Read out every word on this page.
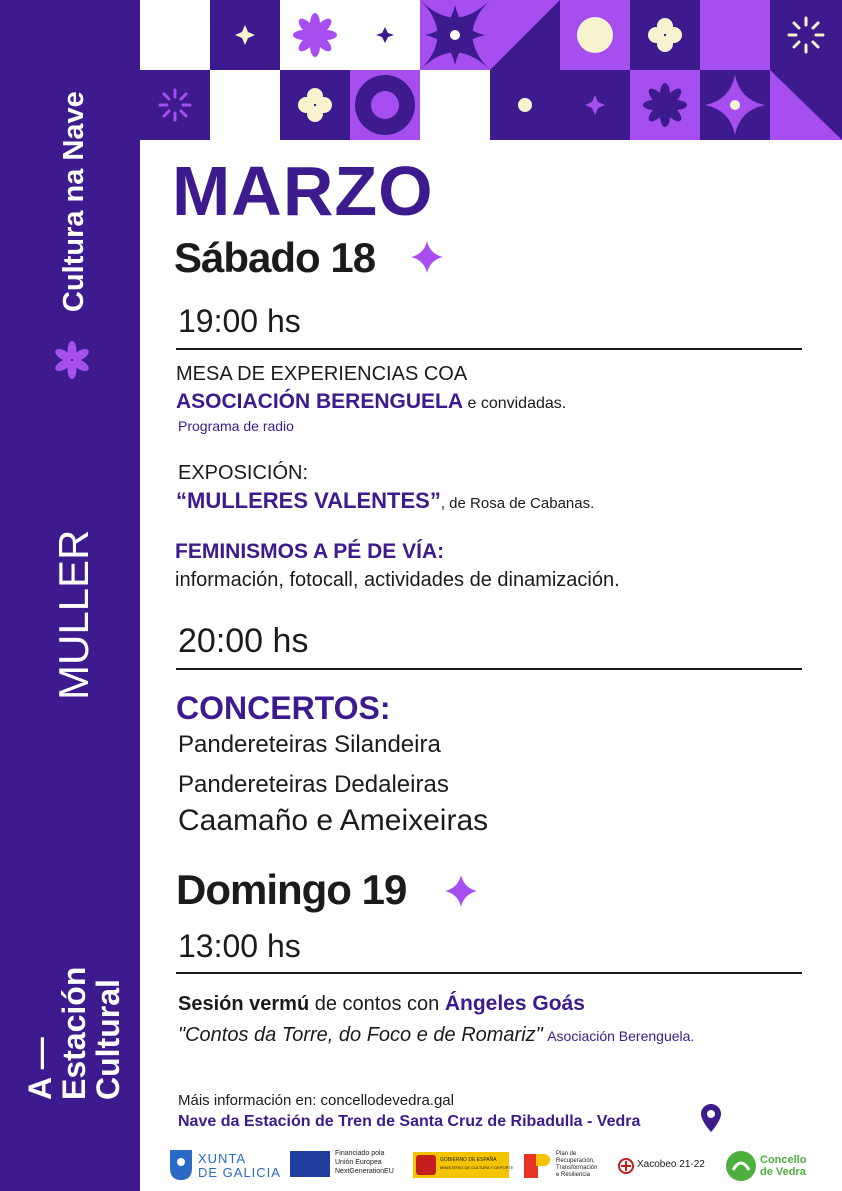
Cultura na Nave
MULLER
A —
Estación
Cultural
MARZO
Sábado 18
19:00 hs
MESA DE EXPERIENCIAS COA
ASOCIACIÓN BERENGUELA e convidadas.
Programa de radio
EXPOSICIÓN:
“MULLERES VALENTES”, de Rosa de Cabanas.
FEMINISMOS A PÉ DE VÍA:
información, fotocall, actividades de dinamización.
20:00 hs
CONCERTOS:
Pandereteiras Silandeira
Pandereteiras Dedaleiras
Caamaño e Ameixeiras
Domingo 19
13:00 hs
Sesión vermú de contos con Ángeles Goás
"Contos da Torre, do Foco e de Romariz" Asociación Berenguela.
Máis información en: concellodevedra.gal
Nave da Estación de Tren de Santa Cruz de Ribadulla - Vedra
XUNTA
DE GALICIA
Financiado pola
Unión Europea
NextGenerationEU
GOBIERNO DE ESPAÑA
MINISTERIO DE CULTURA Y DEPORTE
Plan de
Recuperación,
Transformación
e Resiliencia
Xacobeo 21-22	Concello
de Vedra
